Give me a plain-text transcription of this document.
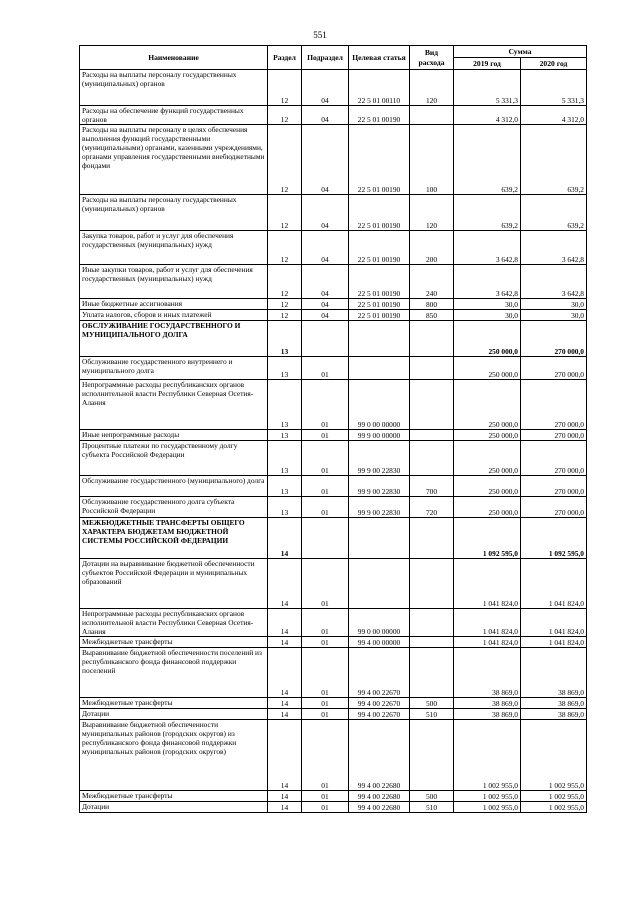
551
Наименование	Раздел	Подраздел	Целевая статья	Вид расхода	Сумма	
					2019 год	2020 год
Расходы на выплаты персоналу государственных (муниципальных) органов	12	04	22 5 01 00110	120	5 331,3	5 331,3
Расходы на обеспечение функций государственных органов	12	04	22 5 01 00190		4 312,0	4 312,0
Расходы на выплаты персоналу в целях обеспечения выполнения функций государственными (муниципальными) органами, казенными учреждениями, органами управления государственными внебюджетными фондами	12	04	22 5 01 00190	100	639,2	639,2
Расходы на выплаты персоналу государственных (муниципальных) органов	12	04	22 5 01 00190	120	639,2	639,2
Закупка товаров, работ и услуг для обеспечения государственных (муниципальных) нужд	12	04	22 5 01 00190	200	3 642,8	3 642,8
Иные закупки товаров, работ и услуг для обеспечения государственных (муниципальных) нужд	12	04	22 5 01 00190	240	3 642,8	3 642,8
Иные бюджетные ассигнования	12	04	22 5 01 00190	800	30,0	30,0
Уплата налогов, сборов и иных платежей	12	04	22 5 01 00190	850	30,0	30,0
ОБСЛУЖИВАНИЕ ГОСУДАРСТВЕННОГО И МУНИЦИПАЛЬНОГО ДОЛГА	13				250 000,0	270 000,0
Обслуживание государственного внутреннего и муниципального долга	13	01			250 000,0	270 000,0
Непрограммные расходы республиканских органов исполнительной власти Республики Северная Осетия-Алания	13	01	99 0 00 00000		250 000,0	270 000,0
Иные непрограммные расходы	13	01	99 9 00 00000		250 000,0	270 000,0
Процентные платежи по государственному долгу субъекта Российской Федерации	13	01	99 9 00 22830		250 000,0	270 000,0
Обслуживание государственного (муниципального) долга	13	01	99 9 00 22830	700	250 000,0	270 000,0
Обслуживание государственного долга субъекта Российской Федерации	13	01	99 9 00 22830	720	250 000,0	270 000,0
МЕЖБЮДЖЕТНЫЕ ТРАНСФЕРТЫ ОБЩЕГО ХАРАКТЕРА БЮДЖЕТАМ БЮДЖЕТНОЙ СИСТЕМЫ РОССИЙСКОЙ ФЕДЕРАЦИИ	14				1 092 595,0	1 092 595,0
Дотации на выравнивание бюджетной обеспеченности субъектов Российской Федерации и муниципальных образований	14	01			1 041 824,0	1 041 824,0
Непрограммные расходы республиканских органов исполнительной власти Республики Северная Осетия-Алания	14	01	99 0 00 00000		1 041 824,0	1 041 824,0
Межбюджетные трансферты	14	01	99 4 00 00000		1 041 824,0	1 041 824,0
Выравнивание бюджетной обеспеченности поселений из республиканского фонда финансовой поддержки поселений	14	01	99 4 00 22670		38 869,0	38 869,0
Межбюджетные трансферты	14	01	99 4 00 22670	500	38 869,0	38 869,0
Дотации	14	01	99 4 00 22670	510	38 869,0	38 869,0
Выравнивание бюджетной обеспеченности муниципальных районов (городских округов) из республиканского фонда финансовой поддержки муниципальных районов (городских округов)	14	01	99 4 00 22680		1 002 955,0	1 002 955,0
Межбюджетные трансферты	14	01	99 4 00 22680	500	1 002 955,0	1 002 955,0
Дотации	14	01	99 4 00 22680	510	1 002 955,0	1 002 955,0
